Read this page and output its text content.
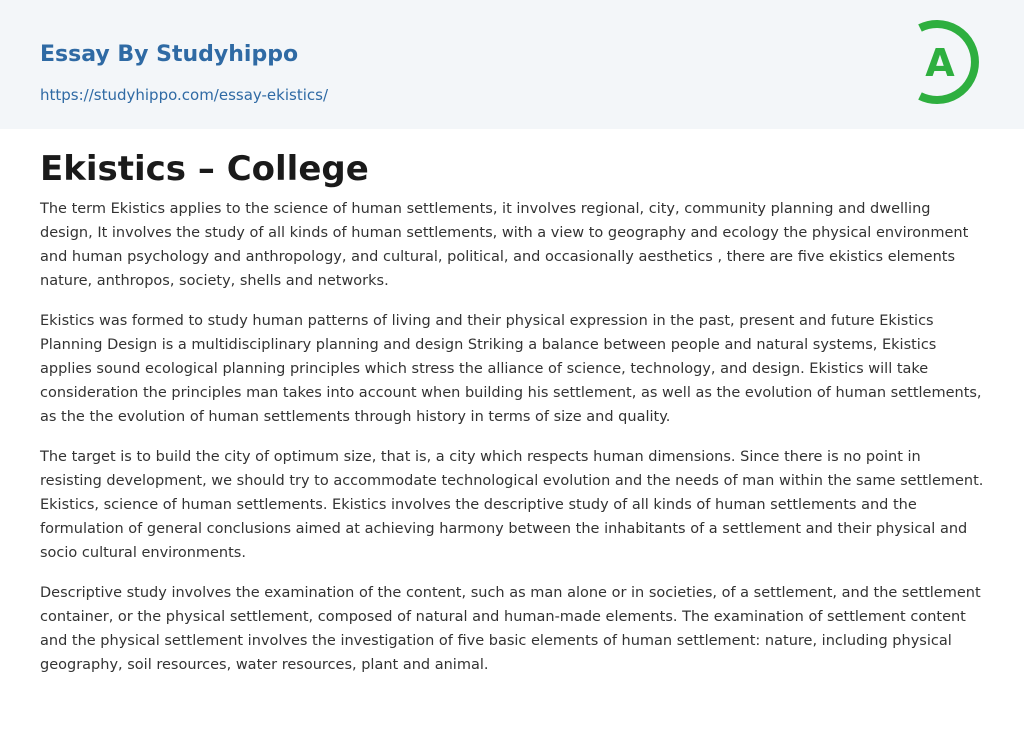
Essay By Studyhippo
https://studyhippo.com/essay-ekistics/
A
Ekistics – College

The term Ekistics applies to the science of human settlements, it involves regional, city, community planning and dwelling design, It involves the study of all kinds of human settlements, with a view to geography and ecology the physical environment and human psychology and anthropology, and cultural, political, and occasionally aesthetics , there are five ekistics elements nature, anthropos, society, shells and networks.

Ekistics was formed to study human patterns of living and their physical expression in the past, present and future Ekistics Planning Design is a multidisciplinary planning and design Striking a balance between people and natural systems, Ekistics applies sound ecological planning principles which stress the alliance of science, technology, and design. Ekistics will take consideration the principles man takes into account when building his settlement, as well as the evolution of human settlements, as the the evolution of human settlements through history in terms of size and quality.

The target is to build the city of optimum size, that is, a city which respects human dimensions. Since there is no point in resisting development, we should try to accommodate technological evolution and the needs of man within the same settlement. Ekistics, science of human settlements. Ekistics involves the descriptive study of all kinds of human settlements and the formulation of general conclusions aimed at achieving harmony between the inhabitants of a settlement and their physical and socio cultural environments.

Descriptive study involves the examination of the content, such as man alone or in societies, of a settlement, and the settlement container, or the physical settlement, composed of natural and human-made elements. The examination of settlement content and the physical settlement involves the investigation of five basic elements of human settlement: nature, including physical geography, soil resources, water resources, plant and animal.
